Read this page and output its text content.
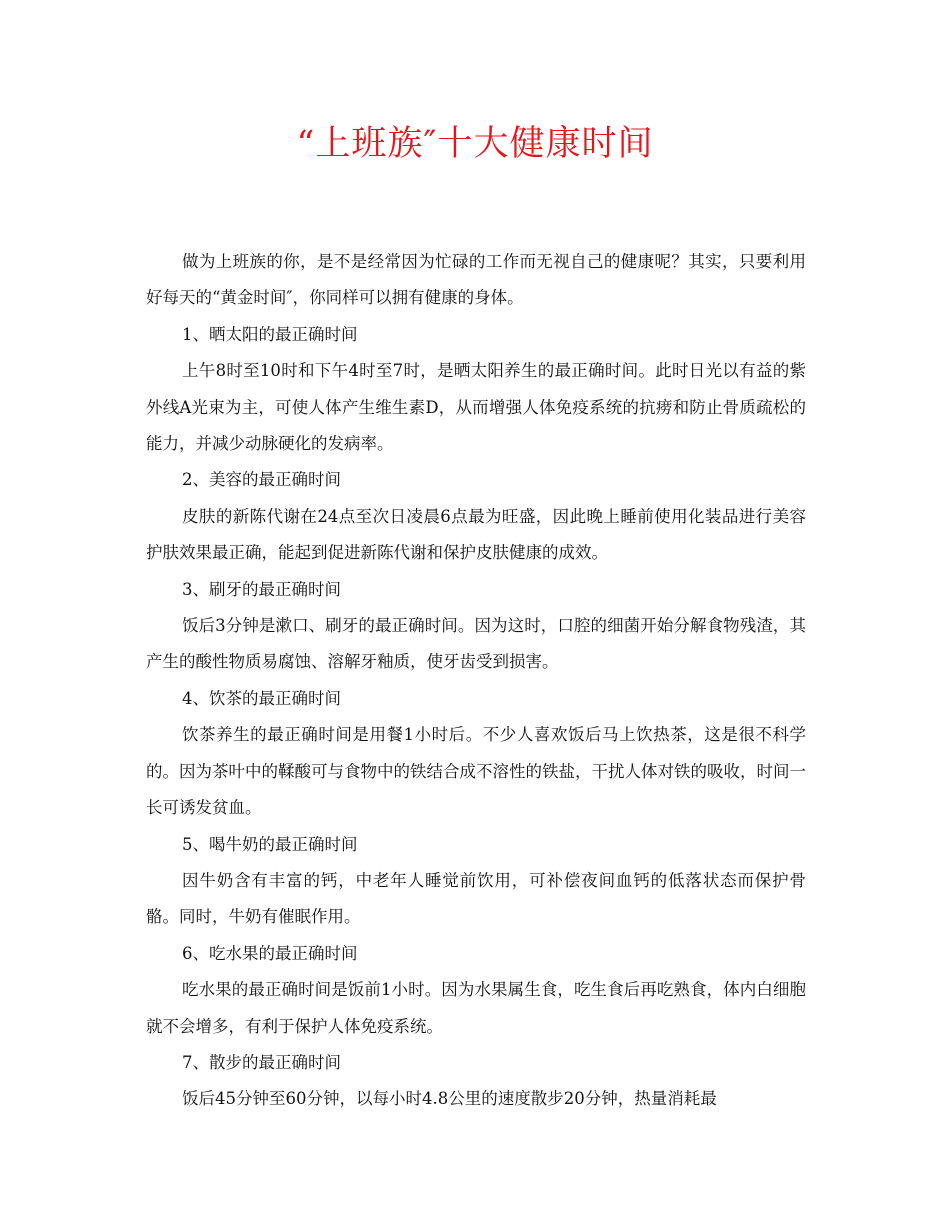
“上班族″十大健康时间

做为上班族的你，是不是经常因为忙碌的工作而无视自己的健康呢？其实，只要利用好每天的“黄金时间″，你同样可以拥有健康的身体。

1、晒太阳的最正确时间

上午8时至10时和下午4时至7时，是晒太阳养生的最正确时间。此时日光以有益的紫外线A光束为主，可使人体产生维生素D，从而增强人体免疫系统的抗痨和防止骨质疏松的能力，并减少动脉硬化的发病率。

2、美容的最正确时间

皮肤的新陈代谢在24点至次日凌晨6点最为旺盛，因此晚上睡前使用化装品进行美容护肤效果最正确，能起到促进新陈代谢和保护皮肤健康的成效。

3、刷牙的最正确时间

饭后3分钟是漱口、刷牙的最正确时间。因为这时，口腔的细菌开始分解食物残渣，其产生的酸性物质易腐蚀、溶解牙釉质，使牙齿受到损害。

4、饮茶的最正确时间

饮茶养生的最正确时间是用餐1小时后。不少人喜欢饭后马上饮热茶，这是很不科学的。因为茶叶中的鞣酸可与食物中的铁结合成不溶性的铁盐，干扰人体对铁的吸收，时间一长可诱发贫血。

5、喝牛奶的最正确时间

因牛奶含有丰富的钙，中老年人睡觉前饮用，可补偿夜间血钙的低落状态而保护骨骼。同时，牛奶有催眠作用。

6、吃水果的最正确时间

吃水果的最正确时间是饭前1小时。因为水果属生食，吃生食后再吃熟食，体内白细胞就不会增多，有利于保护人体免疫系统。

7、散步的最正确时间

饭后45分钟至60分钟，以每小时4.8公里的速度散步20分钟，热量消耗最
